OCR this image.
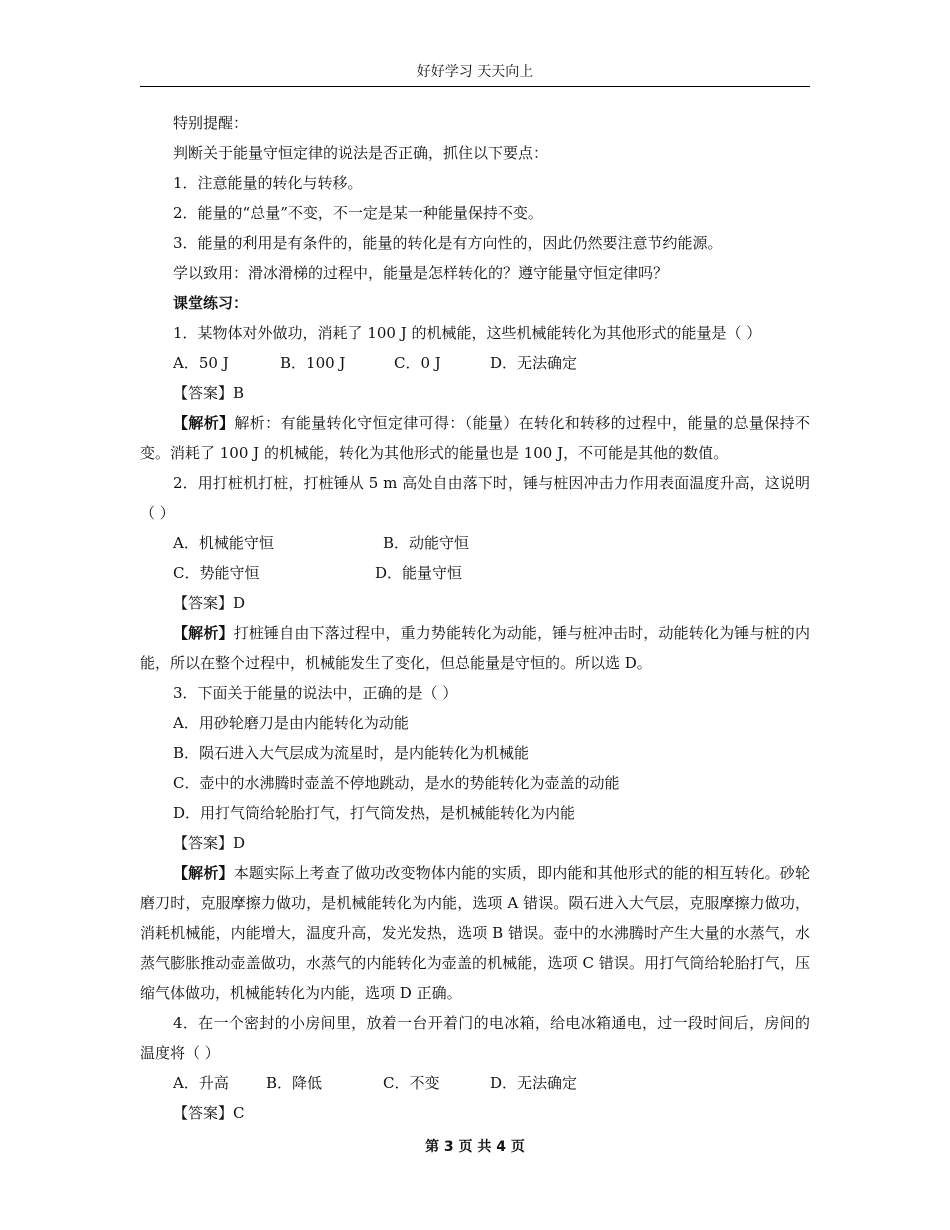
好好学习 天天向上
特别提醒：
判断关于能量守恒定律的说法是否正确，抓住以下要点：
1．注意能量的转化与转移。
2．能量的“总量”不变，不一定是某一种能量保持不变。
3．能量的利用是有条件的，能量的转化是有方向性的，因此仍然要注意节约能源。
学以致用：滑冰滑梯的过程中，能量是怎样转化的？遵守能量守恒定律吗？
课堂练习：
1．某物体对外做功，消耗了 100 J 的机械能，这些机械能转化为其他形式的能量是（ ）
A．50 J	B．100 J	C．0 J	D．无法确定
【答案】B

【解析】解析：有能量转化守恒定律可得：（能量）在转化和转移的过程中，能量的总量保持不变。消耗了 100 J 的机械能，转化为其他形式的能量也是 100 J，不可能是其他的数值。

2．用打桩机打桩，打桩锤从 5 m 高处自由落下时，锤与桩因冲击力作用表面温度升高，这说明（ ）

A．机械能守恒	B．动能守恒
C．势能守恒	D．能量守恒
【答案】D

【解析】打桩锤自由下落过程中，重力势能转化为动能，锤与桩冲击时，动能转化为锤与桩的内能，所以在整个过程中，机械能发生了变化，但总能量是守恒的。所以选 D。

3．下面关于能量的说法中，正确的是（ ）
A．用砂轮磨刀是由内能转化为动能
B．陨石进入大气层成为流星时，是内能转化为机械能
C．壶中的水沸腾时壶盖不停地跳动，是水的势能转化为壶盖的动能
D．用打气筒给轮胎打气，打气筒发热，是机械能转化为内能
【答案】D

【解析】本题实际上考查了做功改变物体内能的实质，即内能和其他形式的能的相互转化。砂轮磨刀时，克服摩擦力做功，是机械能转化为内能，选项 A 错误。陨石进入大气层，克服摩擦力做功，消耗机械能，内能增大，温度升高，发光发热，选项 B 错误。壶中的水沸腾时产生大量的水蒸气，水蒸气膨胀推动壶盖做功，水蒸气的内能转化为壶盖的机械能，选项 C 错误。用打气筒给轮胎打气，压缩气体做功，机械能转化为内能，选项 D 正确。

4．在一个密封的小房间里，放着一台开着门的电冰箱，给电冰箱通电，过一段时间后，房间的温度将（ ）

A．升高 B．降低	C．不变	D．无法确定
【答案】C
第 3 页 共 4 页
